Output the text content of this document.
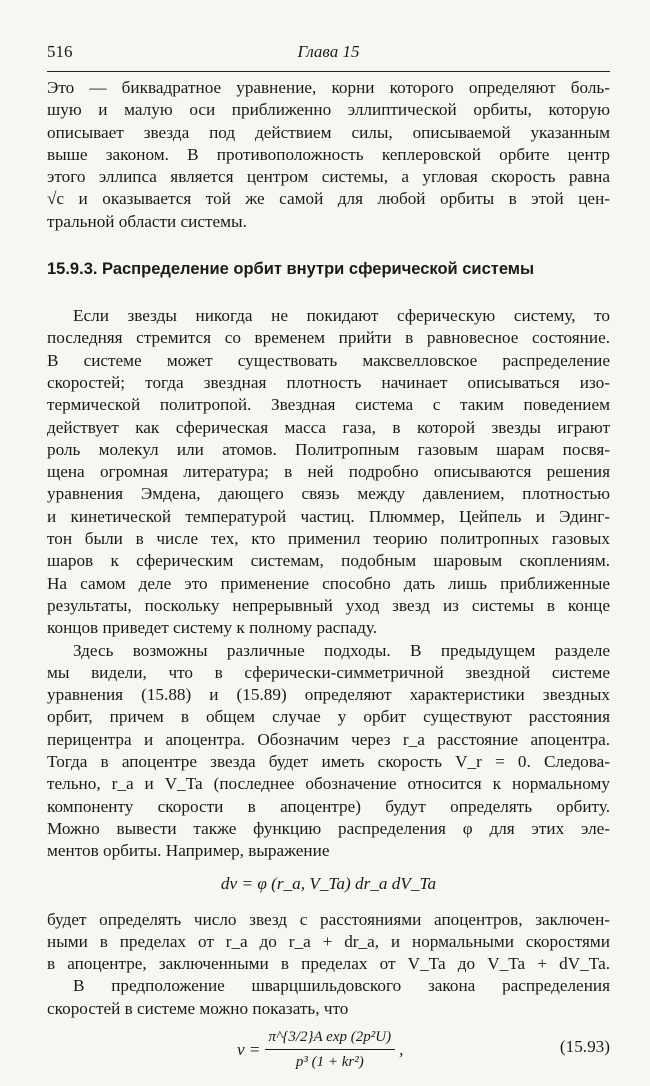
516	Глава 15
Это — биквадратное уравнение, корни которого определяют боль-
шую и малую оси приближенно эллиптической орбиты, которую
описывает звезда под действием силы, описываемой указанным
выше законом. В противоположность кеплеровской орбите центр
этого эллипса является центром системы, а угловая скорость равна
√c и оказывается той же самой для любой орбиты в этой цен-
тральной области системы.
15.9.3. Распределение орбит внутри сферической системы
Если звезды никогда не покидают сферическую систему, то
последняя стремится со временем прийти в равновесное состояние.
В системе может существовать максвелловское распределение
скоростей; тогда звездная плотность начинает описываться изо-
термической политропой. Звездная система с таким поведением
действует как сферическая масса газа, в которой звезды играют
роль молекул или атомов. Политропным газовым шарам посвя-
щена огромная литература; в ней подробно описываются решения
уравнения Эмдена, дающего связь между давлением, плотностью
и кинетической температурой частиц. Плюммер, Цейпель и Эдинг-
тон были в числе тех, кто применил теорию политропных газовых
шаров к сферическим системам, подобным шаровым скоплениям.
На самом деле это применение способно дать лишь приближенные
результаты, поскольку непрерывный уход звезд из системы в конце
концов приведет систему к полному распаду.
Здесь возможны различные подходы. В предыдущем разделе
мы видели, что в сферически-симметричной звездной системе
уравнения (15.88) и (15.89) определяют характеристики звездных
орбит, причем в общем случае у орбит существуют расстояния
перицентра и апоцентра. Обозначим через r_a расстояние апоцентра.
Тогда в апоцентре звезда будет иметь скорость V_r = 0. Следова-
тельно, r_a и V_Ta (последнее обозначение относится к нормальному
компоненту скорости в апоцентре) будут определять орбиту.
Можно вывести также функцию распределения φ для этих эле-
ментов орбиты. Например, выражение
dν = φ (r_a, V_Ta) dr_a dV_Ta
будет определять число звезд с расстояниями апоцентров, заключен-
ными в пределах от r_a до r_a + dr_a, и нормальными скоростями
в апоцентре, заключенными в пределах от V_Ta до V_Ta + dV_Ta.
В предположение шварцшильдовского закона распределения
скоростей в системе можно показать, что
$\nu = \frac{\text{π\textasciicircum{}\{3/2\}A exp (2p²U)}}{\text{p³ (1 + kr²)}}$ ,	(15.93)
